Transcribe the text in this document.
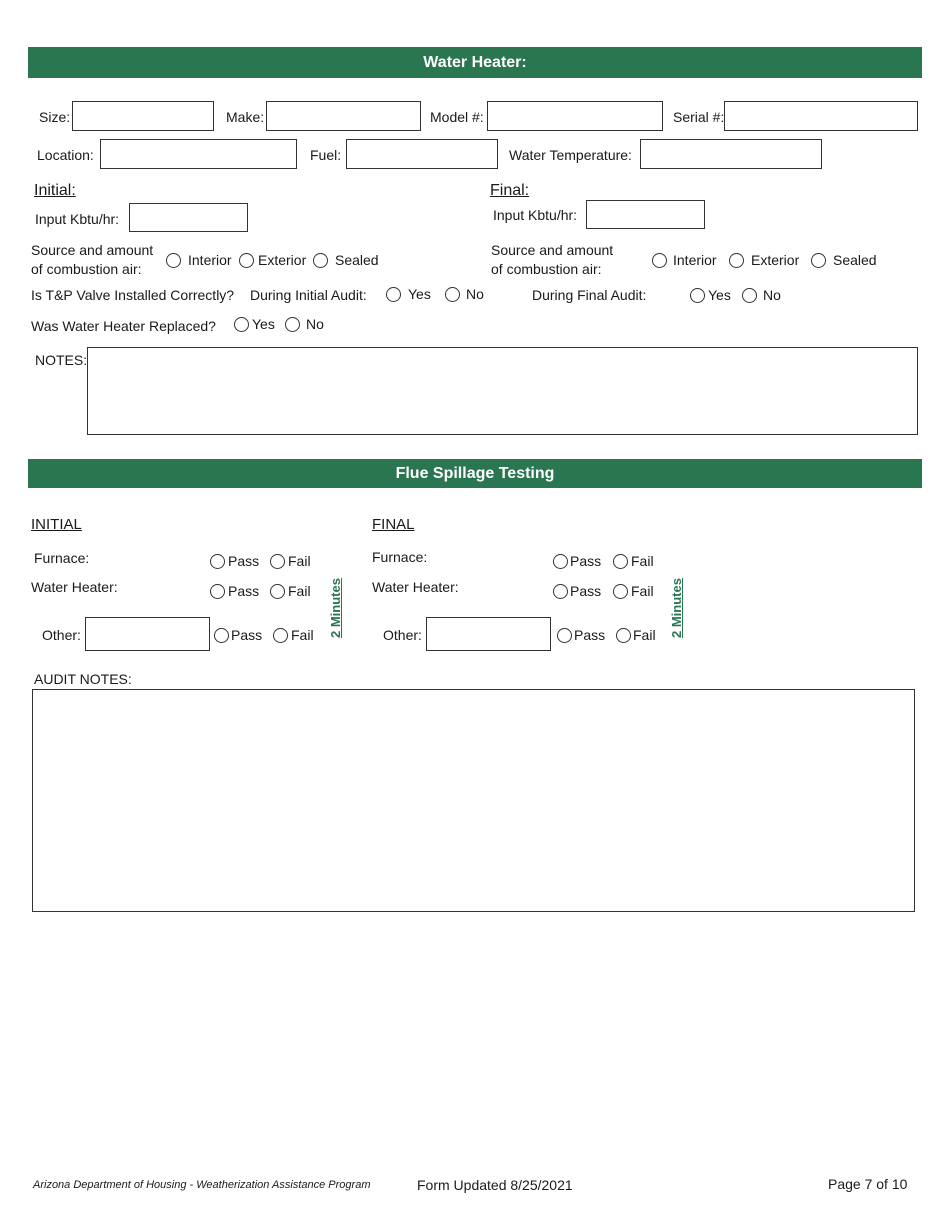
Water Heater:
Size:	Make:	Model #:	Serial #:
Location:	Fuel:	Water Temperature:
Initial:	Final:
Input Kbtu/hr:	Input Kbtu/hr:
Source and amount
of combustion air:
Interior Exterior Sealed
Source and amount
of combustion air:
Interior Exterior Sealed
Is T&P Valve Installed Correctly? During Initial Audit:	Yes	No	During Final Audit:	Yes No
Was Water Heater Replaced?	Yes No
NOTES:
Flue Spillage Testing
INITIAL
Furnace:	Pass Fail
Water Heater:	Pass Fail
Other:	Pass Fail 2 Minutes
FINAL
Furnace:	Pass Fail
Water Heater:	Pass Fail
Other:	Pass Fail 2 Minutes
AUDIT NOTES:
Arizona Department of Housing - Weatherization Assistance Program	Form Updated 8/25/2021	Page 7 of 10
